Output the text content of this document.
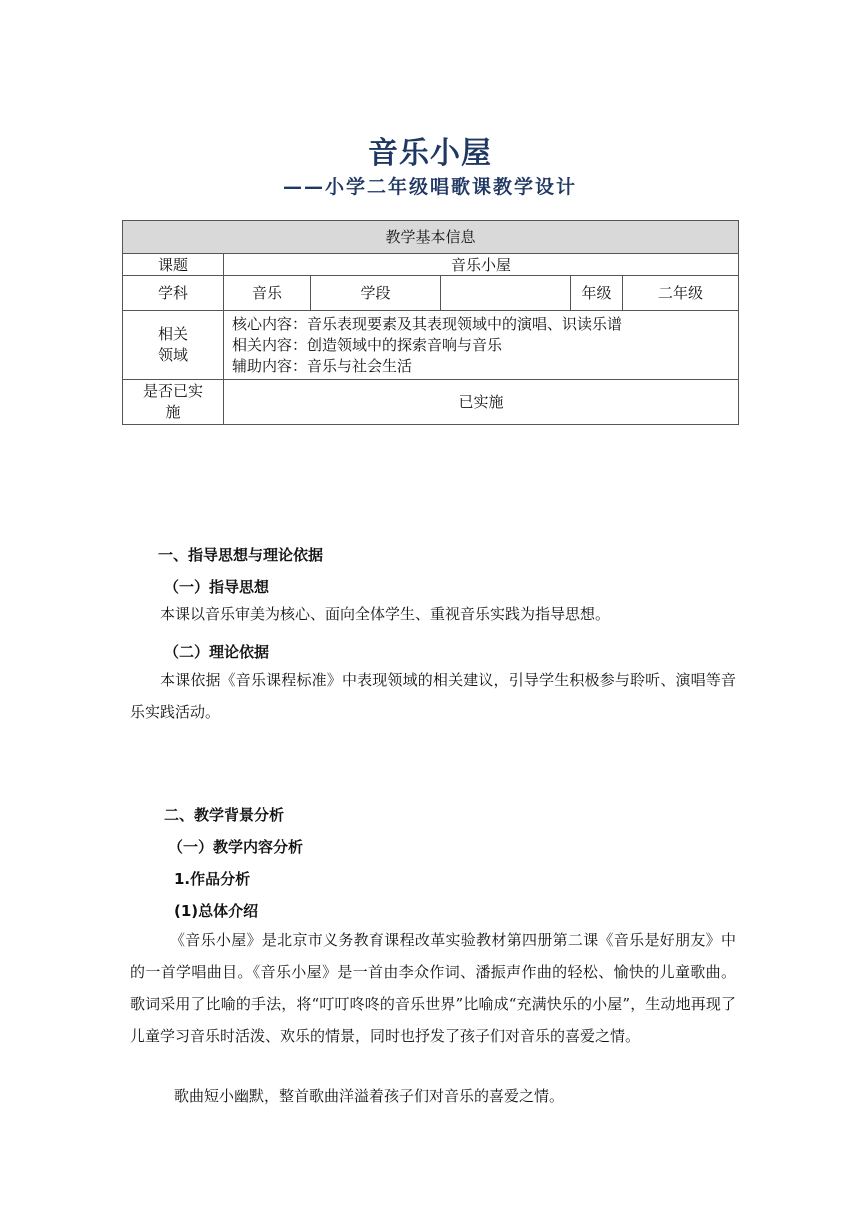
音乐小屋
——小学二年级唱歌课教学设计
教学基本信息					
课题	音乐小屋				
学科	音乐	学段		年级	二年级

相关
领域	核心内容：音乐表现要素及其表现领域中的演唱、识读乐谱
相关内容：创造领域中的探索音响与音乐
辅助内容：音乐与社会生活				

是否已实
施	已实施				
一、指导思想与理论依据
（一）指导思想
本课以音乐审美为核心、面向全体学生、重视音乐实践为指导思想。
（二）理论依据
本课依据《音乐课程标准》中表现领域的相关建议，引导学生积极参与聆听、演唱等音乐实践活动。
二、教学背景分析
（一）教学内容分析
1.作品分析
(1)总体介绍
《音乐小屋》是北京市义务教育课程改革实验教材第四册第二课《音乐是好朋友》中的一首学唱曲目。《音乐小屋》是一首由李众作词、潘振声作曲的轻松、愉快的儿童歌曲。歌词采用了比喻的手法，将“叮叮咚咚的音乐世界”比喻成“充满快乐的小屋”，生动地再现了儿童学习音乐时活泼、欢乐的情景，同时也抒发了孩子们对音乐的喜爱之情。
歌曲短小幽默，整首歌曲洋溢着孩子们对音乐的喜爱之情。
